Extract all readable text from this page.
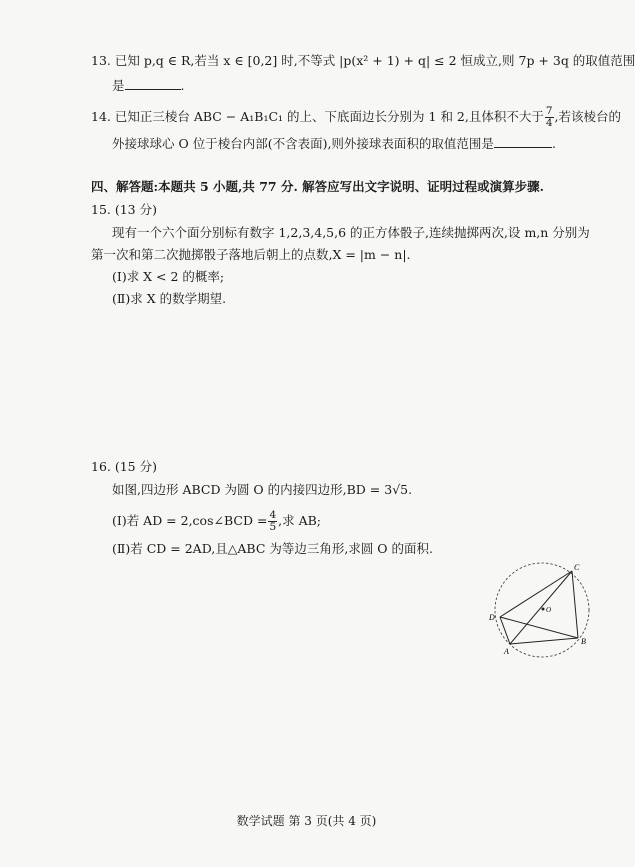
13. 已知 p,q ∈ R,若当 x ∈ [0,2] 时,不等式 |p(x² + 1) + q| ≤ 2 恒成立,则 7p + 3q 的取值范围
是	.
14. 已知正三棱台 ABC − A₁B₁C₁ 的上、下底面边长分别为 1 和 2,且体积不大于 $\frac{7}{4}$ ,若该棱台的
外接球球心 O 位于棱台内部(不含表面),则外接球表面积的取值范围是	.
四、解答题:本题共 5 小题,共 77 分. 解答应写出文字说明、证明过程或演算步骤.
15. (13 分)
现有一个六个面分别标有数字 1,2,3,4,5,6 的正方体骰子,连续抛掷两次,设 m,n 分别为
第一次和第二次抛掷骰子落地后朝上的点数,X = |m − n|.
(Ⅰ)求 X < 2 的概率;
(Ⅱ)求 X 的数学期望.
16. (15 分)
如图,四边形 ABCD 为圆 O 的内接四边形,BD = 3√5.
(Ⅰ)若 AD = 2,cos∠BCD = $\frac{4}{5}$ ,求 AB;
(Ⅱ)若 CD = 2AD,且△ABC 为等边三角形,求圆 O 的面积.
C
D
O
B
A
数学试题 第 3 页(共 4 页)
